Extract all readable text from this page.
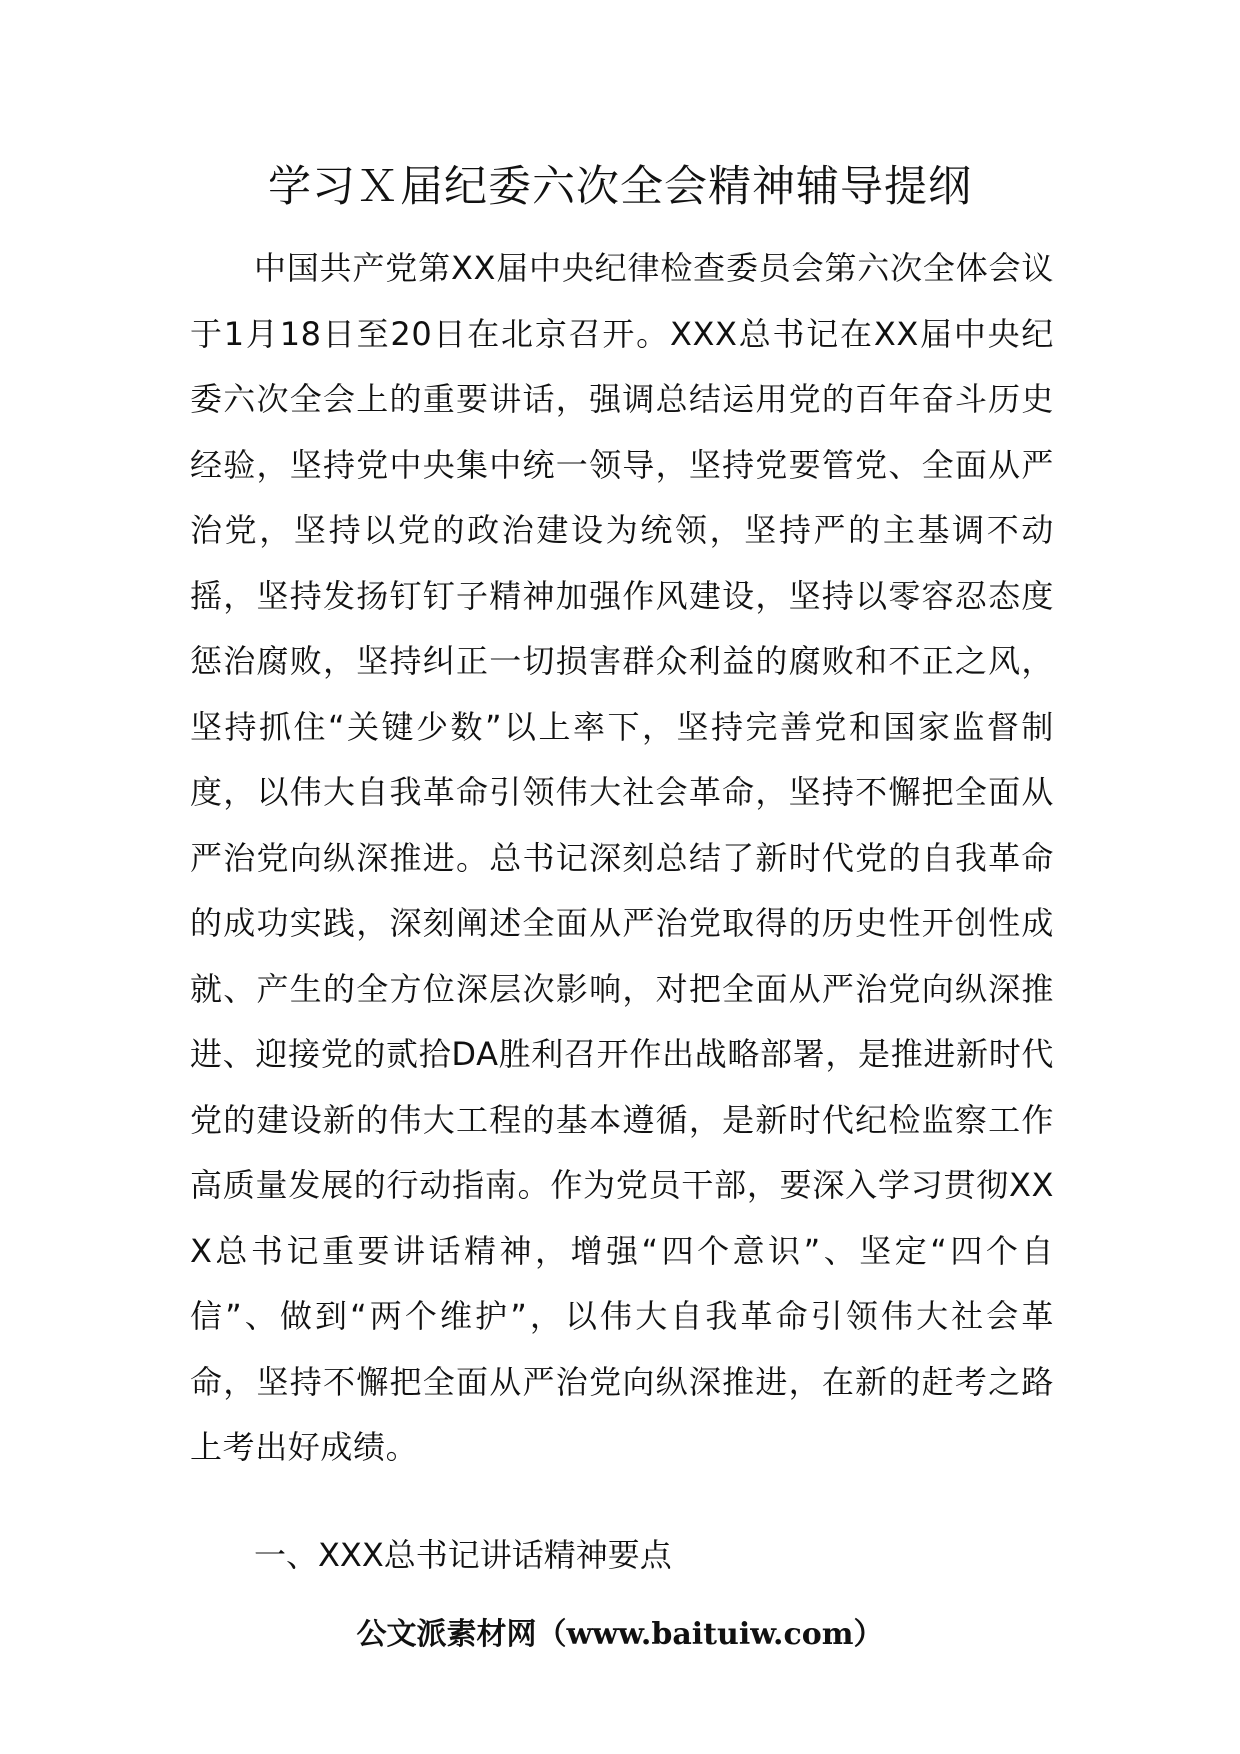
学习Ｘ届纪委六次全会精神辅导提纲

中国共产党第XX届中央纪律检查委员会第六次全体会议于1月18日至20日在北京召开。XXX总书记在XX届中央纪委六次全会上的重要讲话，强调总结运用党的百年奋斗历史经验，坚持党中央集中统一领导，坚持党要管党、全面从严治党，坚持以党的政治建设为统领，坚持严的主基调不动摇，坚持发扬钉钉子精神加强作风建设，坚持以零容忍态度惩治腐败，坚持纠正一切损害群众利益的腐败和不正之风，坚持抓住“关键少数”以上率下，坚持完善党和国家监督制度，以伟大自我革命引领伟大社会革命，坚持不懈把全面从严治党向纵深推进。总书记深刻总结了新时代党的自我革命的成功实践，深刻阐述全面从严治党取得的历史性开创性成就、产生的全方位深层次影响，对把全面从严治党向纵深推进、迎接党的贰拾DA胜利召开作出战略部署，是推进新时代党的建设新的伟大工程的基本遵循，是新时代纪检监察工作高质量发展的行动指南。作为党员干部，要深入学习贯彻XXX总书记重要讲话精神，增强“四个意识”、坚定“四个自信”、做到“两个维护”，以伟大自我革命引领伟大社会革命，坚持不懈把全面从严治党向纵深推进，在新的赶考之路上考出好成绩。

一、XXX总书记讲话精神要点
公文派素材网（www.baituiw.com）
